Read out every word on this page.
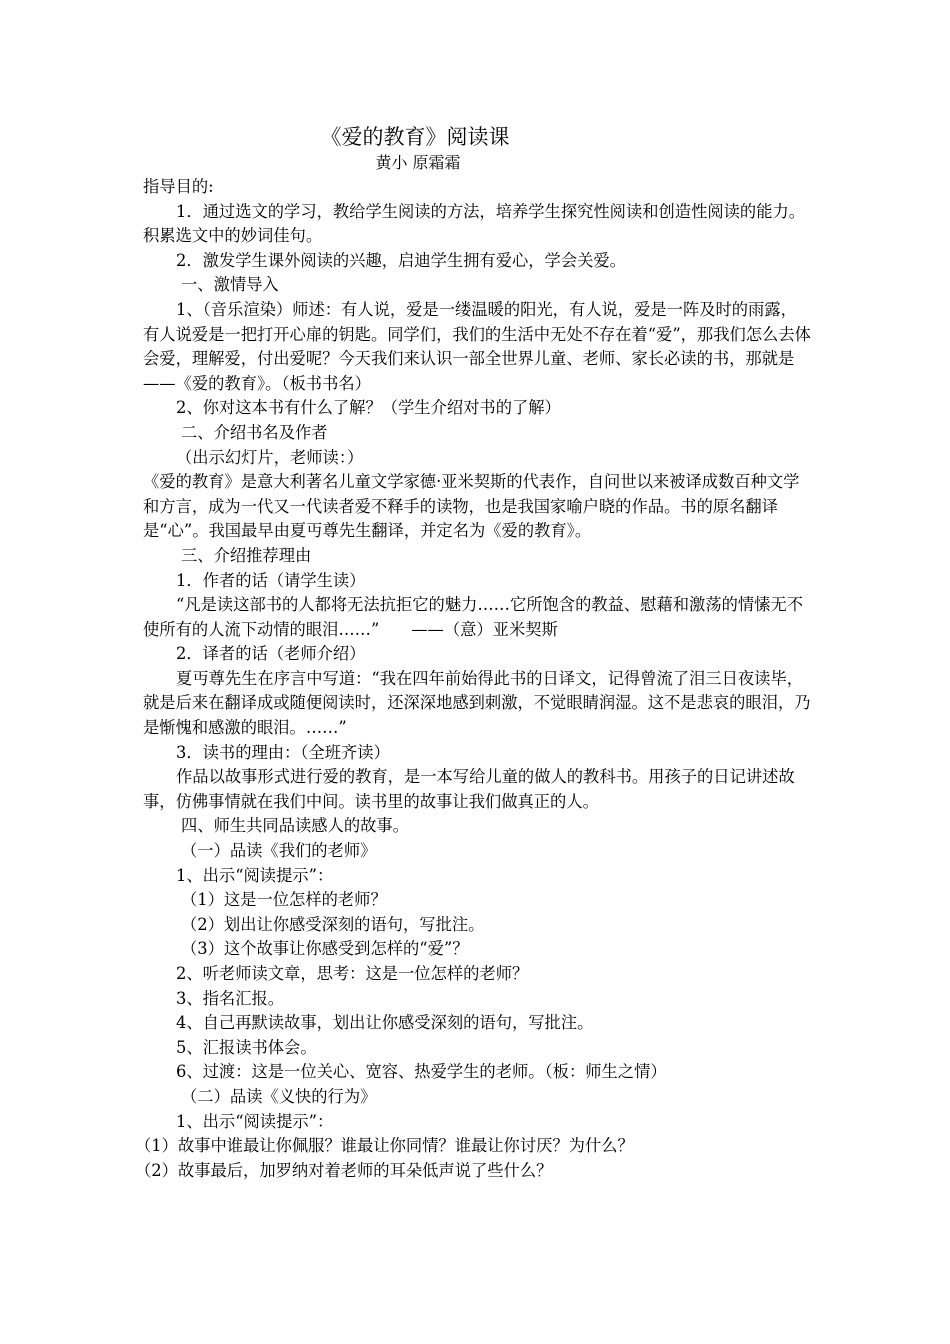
《爱的教育》阅读课
黄小 原霜霜

指导目的:

1．通过选文的学习，教给学生阅读的方法，培养学生探究性阅读和创造性阅读的能力。积累选文中的妙词佳句。

2．激发学生课外阅读的兴趣，启迪学生拥有爱心，学会关爱。

一、激情导入

1、（音乐渲染）师述：有人说，爱是一缕温暖的阳光，有人说，爱是一阵及时的雨露，有人说爱是一把打开心扉的钥匙。同学们，我们的生活中无处不存在着“爱”，那我们怎么去体会爱，理解爱，付出爱呢？今天我们来认识一部全世界儿童、老师、家长必读的书，那就是——《爱的教育》。（板书书名）

2、你对这本书有什么了解？（学生介绍对书的了解）

二、介绍书名及作者

（出示幻灯片，老师读：）

《爱的教育》是意大利著名儿童文学家德·亚米契斯的代表作，自问世以来被译成数百种文学和方言，成为一代又一代读者爱不释手的读物，也是我国家喻户晓的作品。书的原名翻译是“心”。我国最早由夏丏尊先生翻译，并定名为《爱的教育》。

三、介绍推荐理由

1．作者的话（请学生读）

“凡是读这部书的人都将无法抗拒它的魅力……它所饱含的教益、慰藉和激荡的情愫无不使所有的人流下动情的眼泪……” ——（意）亚米契斯

2．译者的话（老师介绍）

夏丏尊先生在序言中写道：“我在四年前始得此书的日译文，记得曾流了泪三日夜读毕，就是后来在翻译成或随便阅读时，还深深地感到刺激，不觉眼睛润湿。这不是悲哀的眼泪，乃是惭愧和感激的眼泪。……”

3．读书的理由：（全班齐读）

作品以故事形式进行爱的教育，是一本写给儿童的做人的教科书。用孩子的日记讲述故事，仿佛事情就在我们中间。读书里的故事让我们做真正的人。

四、师生共同品读感人的故事。

（一）品读《我们的老师》

1、出示“阅读提示”：

（1）这是一位怎样的老师？

（2）划出让你感受深刻的语句，写批注。

（3）这个故事让你感受到怎样的“爱”？

2、听老师读文章，思考：这是一位怎样的老师？

3、指名汇报。

4、自己再默读故事，划出让你感受深刻的语句，写批注。

5、汇报读书体会。

6、过渡：这是一位关心、宽容、热爱学生的老师。（板：师生之情）

（二）品读《义快的行为》

1、出示“阅读提示”：

（1）故事中谁最让你佩服？谁最让你同情？谁最让你讨厌？为什么？

（2）故事最后，加罗纳对着老师的耳朵低声说了些什么？
